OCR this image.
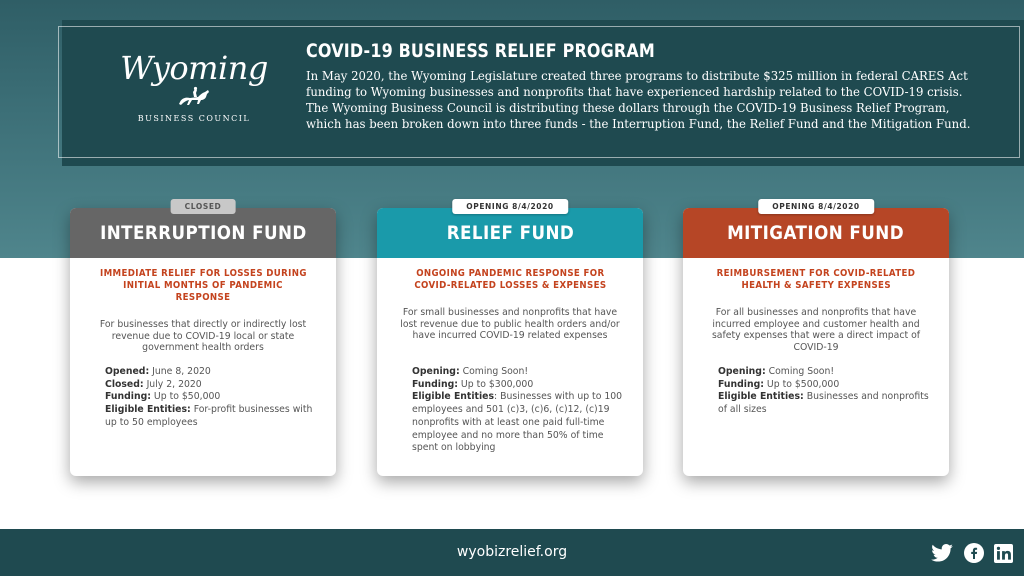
Wyoming
BUSINESS COUNCIL
COVID-19 BUSINESS RELIEF PROGRAM
In May 2020, the Wyoming Legislature created three programs to distribute $325 million in federal CARES Act funding to Wyoming businesses and nonprofits that have experienced hardship related to the COVID-19 crisis. The Wyoming Business Council is distributing these dollars through the COVID-19 Business Relief Program, which has been broken down into three funds - the Interruption Fund, the Relief Fund and the Mitigation Fund.
CLOSED
INTERRUPTION FUND
IMMEDIATE RELIEF FOR LOSSES DURING
INITIAL MONTHS OF PANDEMIC RESPONSE
For businesses that directly or indirectly lost revenue due to COVID-19 local or state government health orders
Opened: June 8, 2020
Closed: July 2, 2020
Funding: Up to $50,000
Eligible Entities: For-profit businesses with up to 50 employees
OPENING 8/4/2020
RELIEF FUND
ONGOING PANDEMIC RESPONSE FOR
COVID-RELATED LOSSES & EXPENSES
For small businesses and nonprofits that have lost revenue due to public health orders and/or have incurred COVID-19 related expenses
Opening: Coming Soon!
Funding: Up to $300,000
Eligible Entities: Businesses with up to 100 employees and 501 (c)3, (c)6, (c)12, (c)19 nonprofits with at least one paid full-time employee and no more than 50% of time spent on lobbying
OPENING 8/4/2020
MITIGATION FUND
REIMBURSEMENT FOR COVID-RELATED
HEALTH & SAFETY EXPENSES
For all businesses and nonprofits that have incurred employee and customer health and safety expenses that were a direct impact of COVID-19
Opening: Coming Soon!
Funding: Up to $500,000
Eligible Entities: Businesses and nonprofits of all sizes
wyobizrelief.org
